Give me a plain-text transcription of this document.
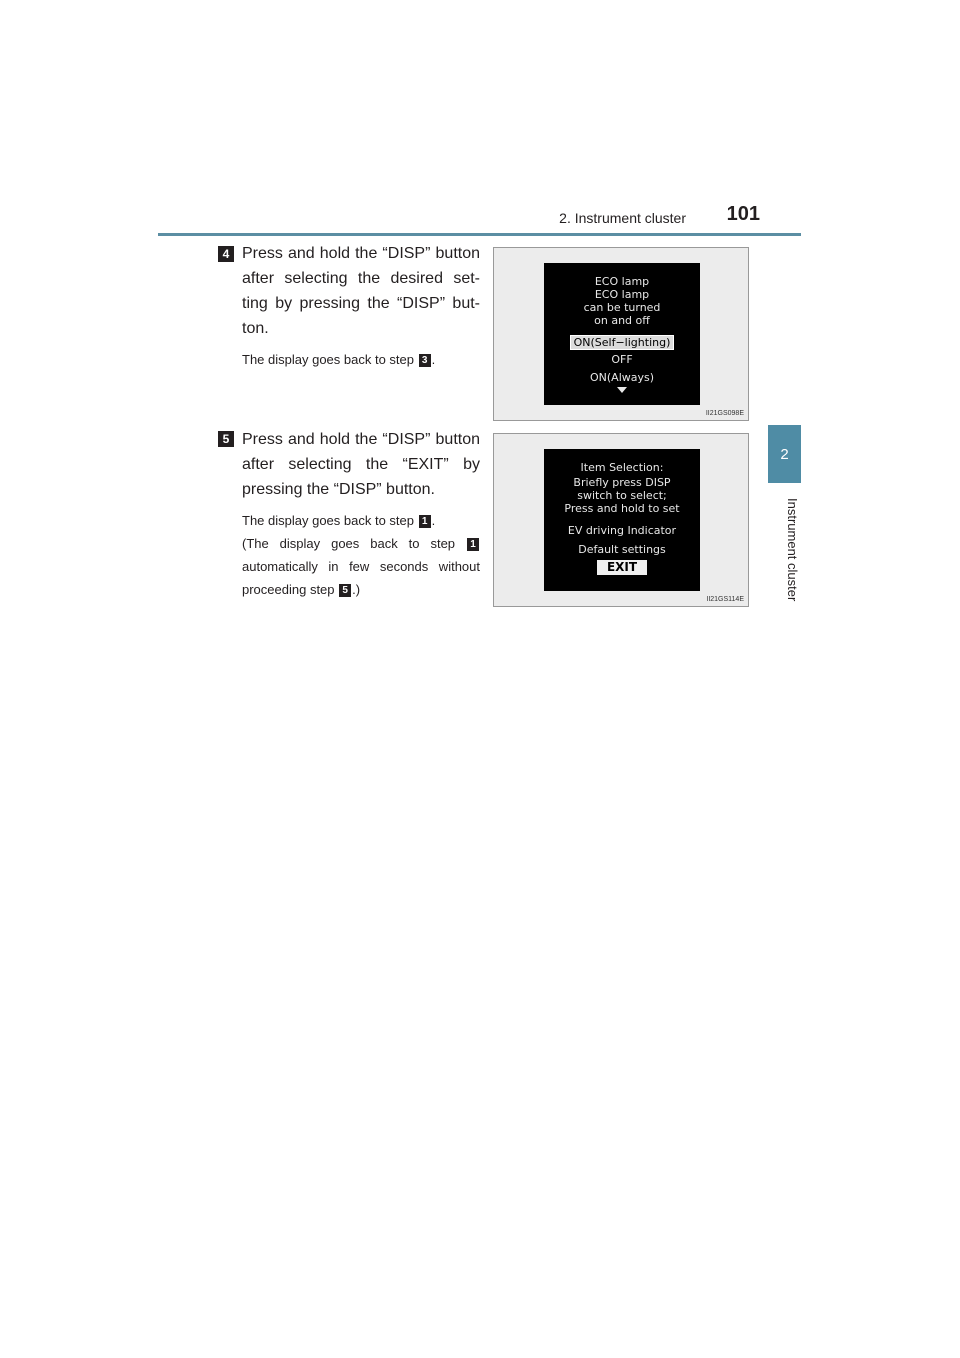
2. Instrument cluster	101
2
Instrument cluster
4 Press and hold the “DISP” button after selecting the desired set-ting by pressing the “DISP” but-ton.
The display goes back to step 3 .
ECO lamp
ECO lamp
can be turned
on and off
ON(Self−lighting)
OFF
ON(Always)
II21GS098E
5 Press and hold the “DISP” button after selecting the “EXIT” by pressing the “DISP” button.
The display goes back to step 1 .
(The display goes back to step 1 automatically in few seconds without proceeding step 5 .)
Item Selection:
Briefly press DISP
switch to select;
Press and hold to set
EV driving Indicator
Default settings
EXIT
II21GS114E
